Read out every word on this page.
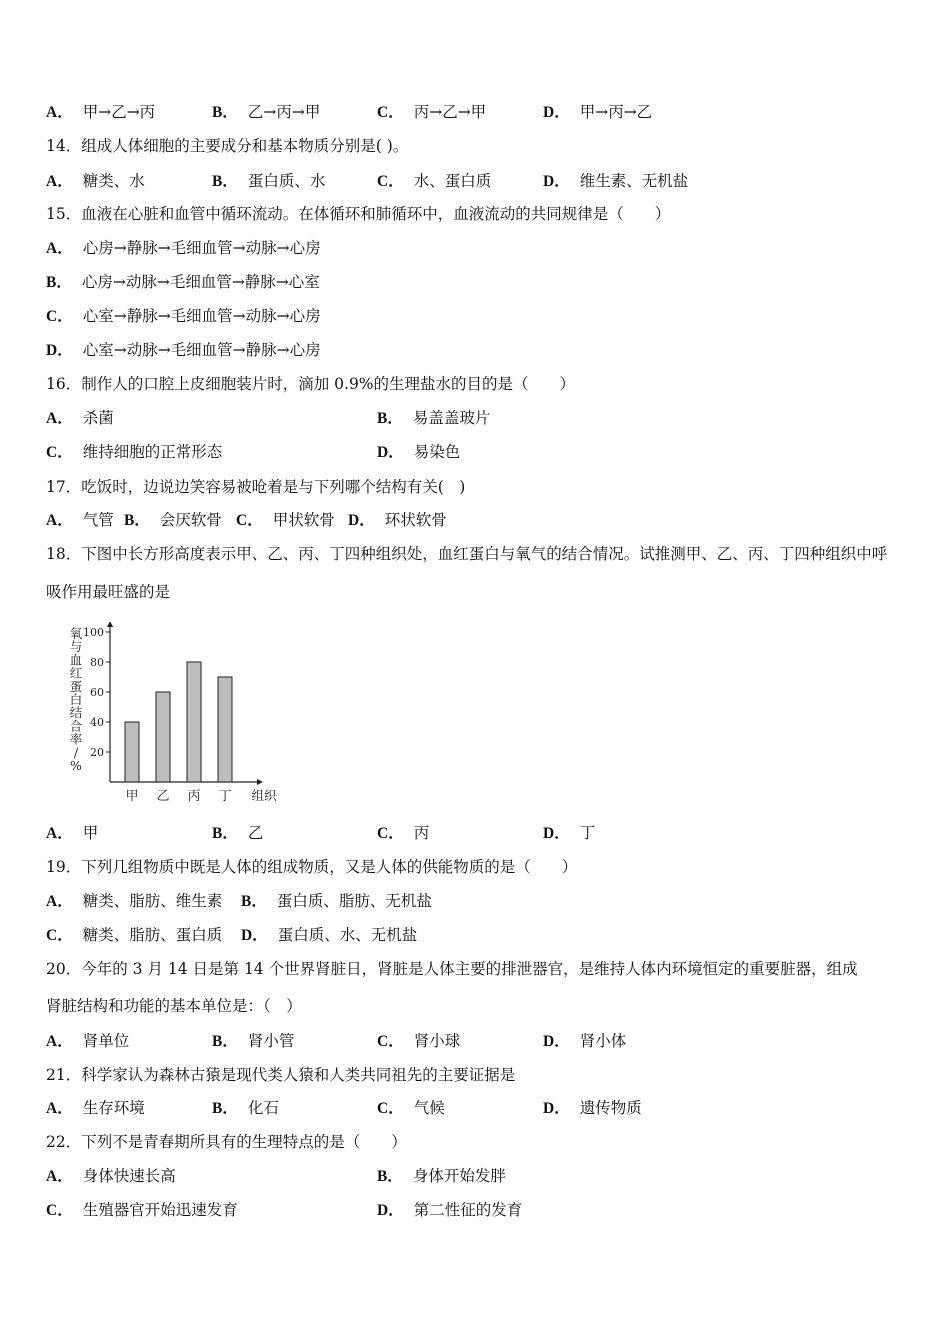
A． 甲→乙→丙	B． 乙→丙→甲	C． 丙→乙→甲	D． 甲→丙→乙
14．组成人体细胞的主要成分和基本物质分别是( )。
A． 糖类、水	B． 蛋白质、水	C． 水、蛋白质	D． 维生素、无机盐
15．血液在心脏和血管中循环流动。在体循环和肺循环中，血液流动的共同规律是（　　）
A． 心房→静脉→毛细血管→动脉→心房
B． 心房→动脉→毛细血管→静脉→心室
C． 心室→静脉→毛细血管→动脉→心房
D． 心室→动脉→毛细血管→静脉→心房
16．制作人的口腔上皮细胞装片时，滴加 0.9%的生理盐水的目的是（　　）
A． 杀菌	B． 易盖盖玻片
C． 维持细胞的正常形态	D． 易染色
17．吃饭时，边说边笑容易被呛着是与下列哪个结构有关(　)
A． 气管 B． 会厌软骨 C． 甲状软骨 D． 环状软骨
18．下图中长方形高度表示甲、乙、丙、丁四种组织处，血红蛋白与氧气的结合情况。试推测甲、乙、丙、丁四种组织中呼
吸作用最旺盛的是
20
40
60
80
100
氧
与
血
红
蛋
白
结
合
率
/
%
甲 乙 丙 丁 组织
A． 甲	B． 乙	C． 丙	D． 丁
19．下列几组物质中既是人体的组成物质，又是人体的供能物质的是（　　）
A． 糖类、脂肪、维生素 B． 蛋白质、脂肪、无机盐
C． 糖类、脂肪、蛋白质 D． 蛋白质、水、无机盐
20．今年的 3 月 14 日是第 14 个世界肾脏日，肾脏是人体主要的排泄器官，是维持人体内环境恒定的重要脏器，组成
肾脏结构和功能的基本单位是：（　）
A． 肾单位	B． 肾小管	C． 肾小球	D． 肾小体
21．科学家认为森林古猿是现代类人猿和人类共同祖先的主要证据是
A． 生存环境	B． 化石	C． 气候	D． 遗传物质
22．下列不是青春期所具有的生理特点的是（　　）
A． 身体快速长高	B． 身体开始发胖
C． 生殖器官开始迅速发育	D． 第二性征的发育
